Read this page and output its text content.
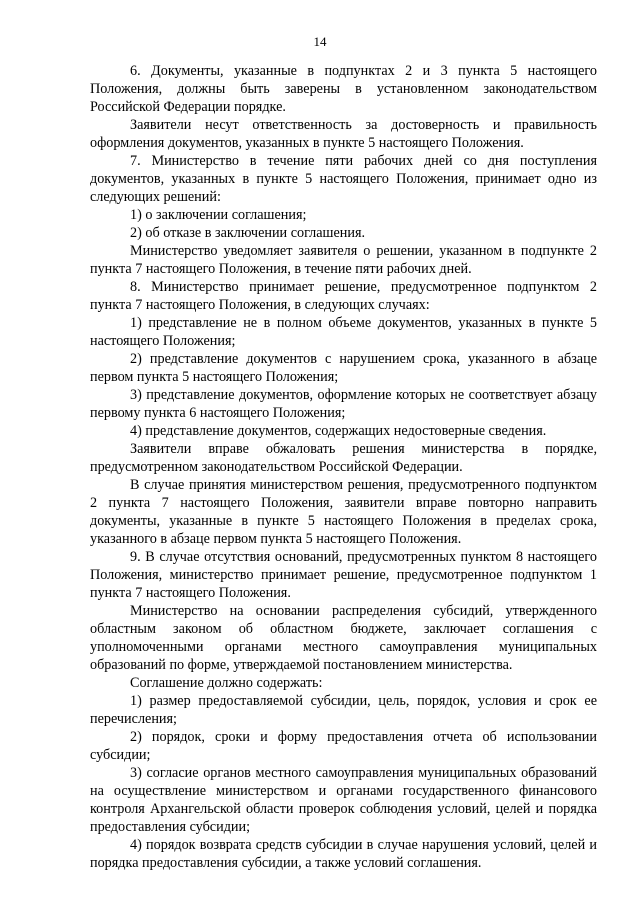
14

6. Документы, указанные в подпунктах 2 и 3 пункта 5 настоящего Положения, должны быть заверены в установленном законодательством Российской Федерации порядке.

Заявители несут ответственность за достоверность и правильность оформления документов, указанных в пункте 5 настоящего Положения.

7. Министерство в течение пяти рабочих дней со дня поступления документов, указанных в пункте 5 настоящего Положения, принимает одно из следующих решений:

1) о заключении соглашения;

2) об отказе в заключении соглашения.

Министерство уведомляет заявителя о решении, указанном в подпункте 2 пункта 7 настоящего Положения, в течение пяти рабочих дней.

8. Министерство принимает решение, предусмотренное подпунктом 2 пункта 7 настоящего Положения, в следующих случаях:

1) представление не в полном объеме документов, указанных в пункте 5 настоящего Положения;

2) представление документов с нарушением срока, указанного в абзаце первом пункта 5 настоящего Положения;

3) представление документов, оформление которых не соответствует абзацу первому пункта 6 настоящего Положения;

4) представление документов, содержащих недостоверные сведения.

Заявители вправе обжаловать решения министерства в порядке, предусмотренном законодательством Российской Федерации.

В случае принятия министерством решения, предусмотренного подпунктом 2 пункта 7 настоящего Положения, заявители вправе повторно направить документы, указанные в пункте 5 настоящего Положения в пределах срока, указанного в абзаце первом пункта 5 настоящего Положения.

9. В случае отсутствия оснований, предусмотренных пунктом 8 настоящего Положения, министерство принимает решение, предусмотренное подпунктом 1 пункта 7 настоящего Положения.

Министерство на основании распределения субсидий, утвержденного областным законом об областном бюджете, заключает соглашения с уполномоченными органами местного самоуправления муниципальных образований по форме, утверждаемой постановлением министерства.

Соглашение должно содержать:

1) размер предоставляемой субсидии, цель, порядок, условия и срок ее перечисления;

2) порядок, сроки и форму предоставления отчета об использовании субсидии;

3) согласие органов местного самоуправления муниципальных образований на осуществление министерством и органами государственного финансового контроля Архангельской области проверок соблюдения условий, целей и порядка предоставления субсидии;

4) порядок возврата средств субсидии в случае нарушения условий, целей и порядка предоставления субсидии, а также условий соглашения.
